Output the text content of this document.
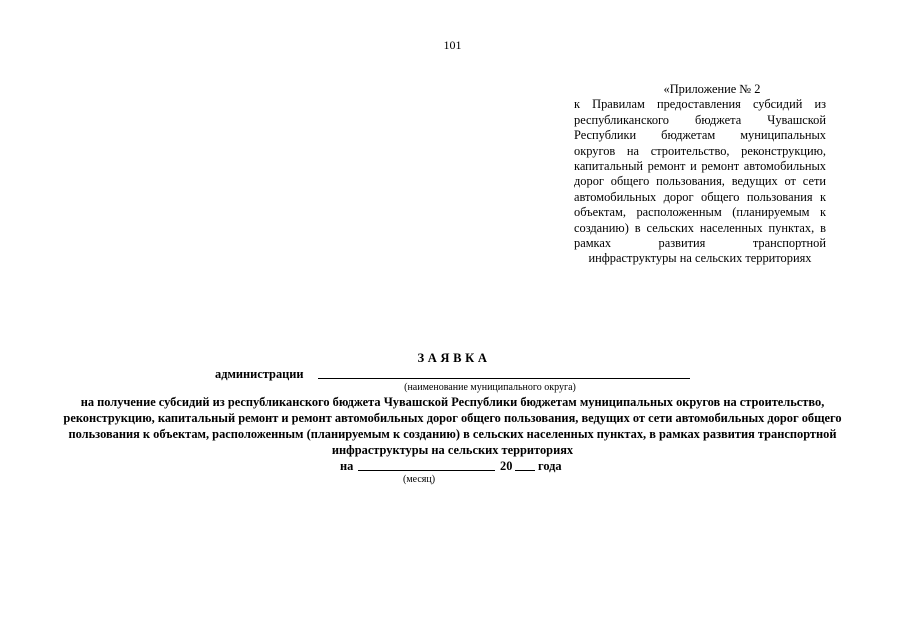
101
«Приложение № 2
к Правилам предоставления субсидий из республиканского бюджета Чувашской Республики бюджетам муниципальных округов на строительство, реконструкцию, капитальный ремонт и ремонт автомобильных дорог общего пользования, ведущих от сети автомобильных дорог общего пользования к объектам, расположенным (планируемым к созданию) в сельских населенных пунктах, в рамках развития транспортной инфраструктуры на сельских территориях
ЗАЯВКА
администрации
(наименование муниципального округа)
на получение субсидий из республиканского бюджета Чувашской Республики бюджетам муниципальных округов на строительство, реконструкцию, капитальный ремонт и ремонт автомобильных дорог общего пользования, ведущих от сети автомобильных дорог общего пользования к объектам, расположенным (планируемым к созданию) в сельских населенных пунктах, в рамках развития транспортной инфраструктуры на сельских территориях
на	20 года
(месяц)
